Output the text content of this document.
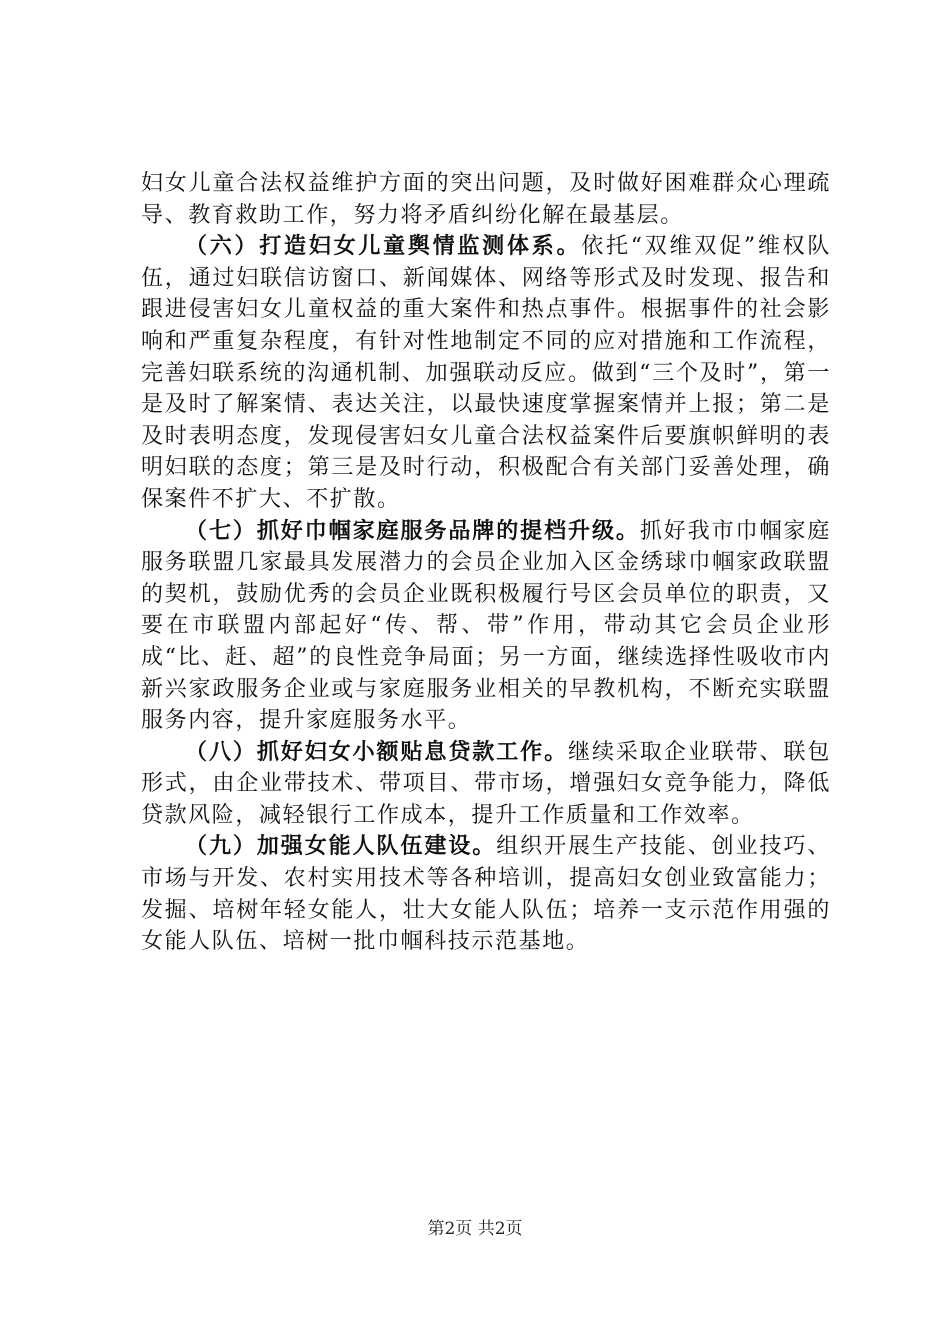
妇女儿童合法权益维护方面的突出问题，及时做好困难群众心理疏导、教育救助工作，努力将矛盾纠纷化解在最基层。

（六）打造妇女儿童舆情监测体系。依托“双维双促”维权队伍，通过妇联信访窗口、新闻媒体、网络等形式及时发现、报告和跟进侵害妇女儿童权益的重大案件和热点事件。根据事件的社会影响和严重复杂程度，有针对性地制定不同的应对措施和工作流程，完善妇联系统的沟通机制、加强联动反应。做到“三个及时”，第一是及时了解案情、表达关注，以最快速度掌握案情并上报；第二是及时表明态度，发现侵害妇女儿童合法权益案件后要旗帜鲜明的表明妇联的态度；第三是及时行动，积极配合有关部门妥善处理，确保案件不扩大、不扩散。

（七）抓好巾帼家庭服务品牌的提档升级。抓好我市巾帼家庭服务联盟几家最具发展潜力的会员企业加入区金绣球巾帼家政联盟的契机，鼓励优秀的会员企业既积极履行号区会员单位的职责，又要在市联盟内部起好“传、帮、带”作用，带动其它会员企业形成“比、赶、超”的良性竞争局面；另一方面，继续选择性吸收市内新兴家政服务企业或与家庭服务业相关的早教机构，不断充实联盟服务内容，提升家庭服务水平。

（八）抓好妇女小额贴息贷款工作。继续采取企业联带、联包形式，由企业带技术、带项目、带市场，增强妇女竞争能力，降低贷款风险，减轻银行工作成本，提升工作质量和工作效率。

（九）加强女能人队伍建设。组织开展生产技能、创业技巧、市场与开发、农村实用技术等各种培训，提高妇女创业致富能力；发掘、培树年轻女能人，壮大女能人队伍；培养一支示范作用强的女能人队伍、培树一批巾帼科技示范基地。

第2页 共2页
